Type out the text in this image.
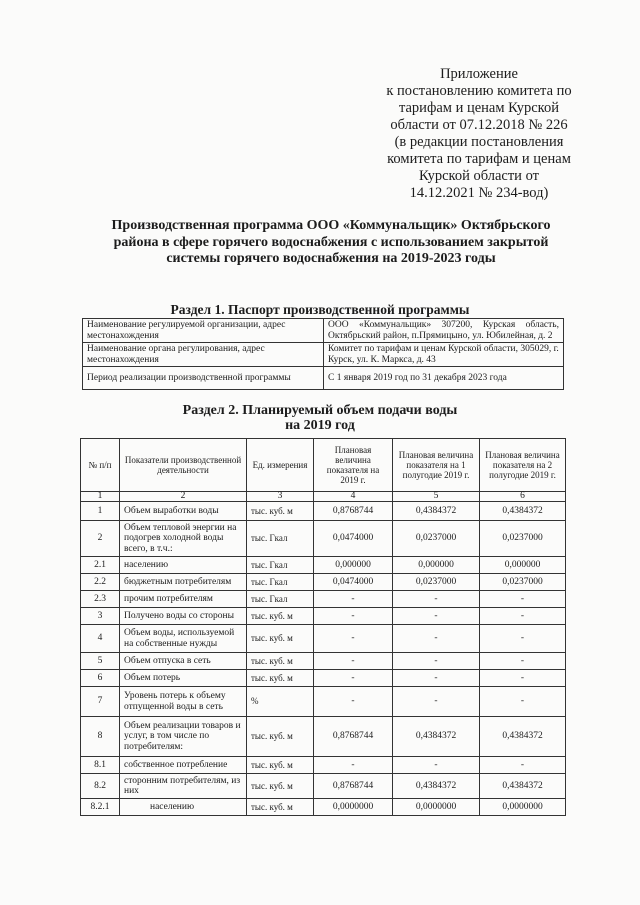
Приложение
к постановлению комитета по
тарифам и ценам Курской
области от 07.12.2018 № 226
(в редакции постановления
комитета по тарифам и ценам
Курской области от
14.12.2021 № 234-вод)
Производственная программа ООО «Коммунальщик» Октябрьского района в сфере горячего водоснабжения с использованием закрытой системы горячего водоснабжения на 2019-2023 годы
Раздел 1. Паспорт производственной программы
Наименование регулируемой организации, адрес местонахождения	ООО «Коммунальщик» 307200, Курская область, Октябрьский район, п.Прямицыно, ул. Юбилейная, д. 2
Наименование органа регулирования, адрес местонахождения	Комитет по тарифам и ценам Курской области, 305029, г. Курск, ул. К. Маркса, д. 43
Период реализации производственной программы	С 1 января 2019 год по 31 декабря 2023 года
Раздел 2. Планируемый объем подачи воды
на 2019 год
№ п/п	Показатели производственной деятельности	Ед. измерения	Плановая величина показателя на 2019 г.	Плановая величина показателя на 1 полугодие 2019 г.	Плановая величина показателя на 2 полугодие 2019 г.
1	2	3	4	5	6
1	Объем выработки воды	тыс. куб. м	0,8768744	0,4384372	0,4384372
2	Объем тепловой энергии на подогрев холодной воды всего, в т.ч.:	тыс. Гкал	0,0474000	0,0237000	0,0237000
2.1	населению	тыс. Гкал	0,000000	0,000000	0,000000
2.2	бюджетным потребителям	тыс. Гкал	0,0474000	0,0237000	0,0237000
2.3	прочим потребителям	тыс. Гкал	-	-	-
3	Получено воды со стороны	тыс. куб. м	-	-	-
4	Объем воды, используемой на собственные нужды	тыс. куб. м	-	-	-
5	Объем отпуска в сеть	тыс. куб. м	-	-	-
6	Объем потерь	тыс. куб. м	-	-	-
7	Уровень потерь к объему отпущенной воды в сеть	%	-	-	-
8	Объем реализации товаров и услуг, в том числе по потребителям:	тыс. куб. м	0,8768744	0,4384372	0,4384372
8.1	собственное потребление	тыс. куб. м	-	-	-
8.2	сторонним потребителям, из них	тыс. куб. м	0,8768744	0,4384372	0,4384372
8.2.1	населению	тыс. куб. м	0,0000000	0,0000000	0,0000000
